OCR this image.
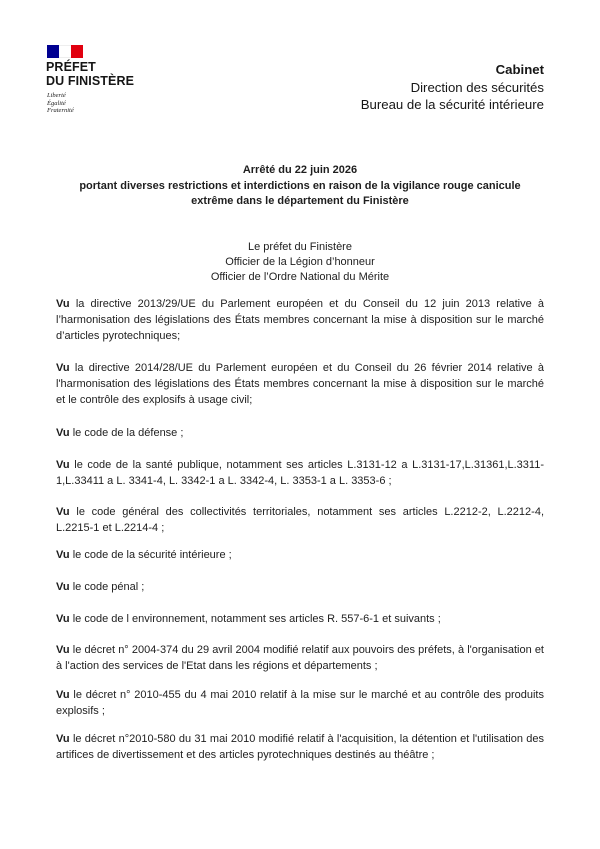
PRÉFET
DU FINISTÈRE
Liberté
Égalité
Fraternité
Cabinet
Direction des sécurités
Bureau de la sécurité intérieure
Arrêté du 22 juin 2026
portant diverses restrictions et interdictions en raison de la vigilance rouge canicule
extrême dans le département du Finistère
Le préfet du Finistère
Officier de la Légion d’honneur
Officier de l’Ordre National du Mérite

Vu la directive 2013/29/UE du Parlement européen et du Conseil du 12 juin 2013 relative à l’harmonisation des législations des États membres concernant la mise à disposition sur le marché d’articles pyrotechniques;

Vu la directive 2014/28/UE du Parlement européen et du Conseil du 26 février 2014 relative à l'harmonisation des législations des États membres concernant la mise à disposition sur le marché et le contrôle des explosifs à usage civil;

Vu le code de la défense ;

Vu le code de la santé publique, notamment ses articles L.3131-12 a L.3131-17,L.31361,L.3311-1,L.33411 a L. 3341-4, L. 3342-1 a L. 3342-4, L. 3353-1 a L. 3353-6 ;

Vu le code général des collectivités territoriales, notamment ses articles L.2212-2, L.2212-4, L.2215-1 et L.2214-4 ;

Vu le code de la sécurité intérieure ;

Vu le code pénal ;

Vu le code de l environnement, notamment ses articles R. 557-6-1 et suivants ;

Vu le décret n° 2004-374 du 29 avril 2004 modifié relatif aux pouvoirs des préfets, à l'organisation et à l'action des services de l'Etat dans les régions et départements ;

Vu le décret n° 2010-455 du 4 mai 2010 relatif à la mise sur le marché et au contrôle des produits explosifs ;

Vu le décret n°2010-580 du 31 mai 2010 modifié relatif à l'acquisition, la détention et l'utilisation des artifices de divertissement et des articles pyrotechniques destinés au théâtre ;
